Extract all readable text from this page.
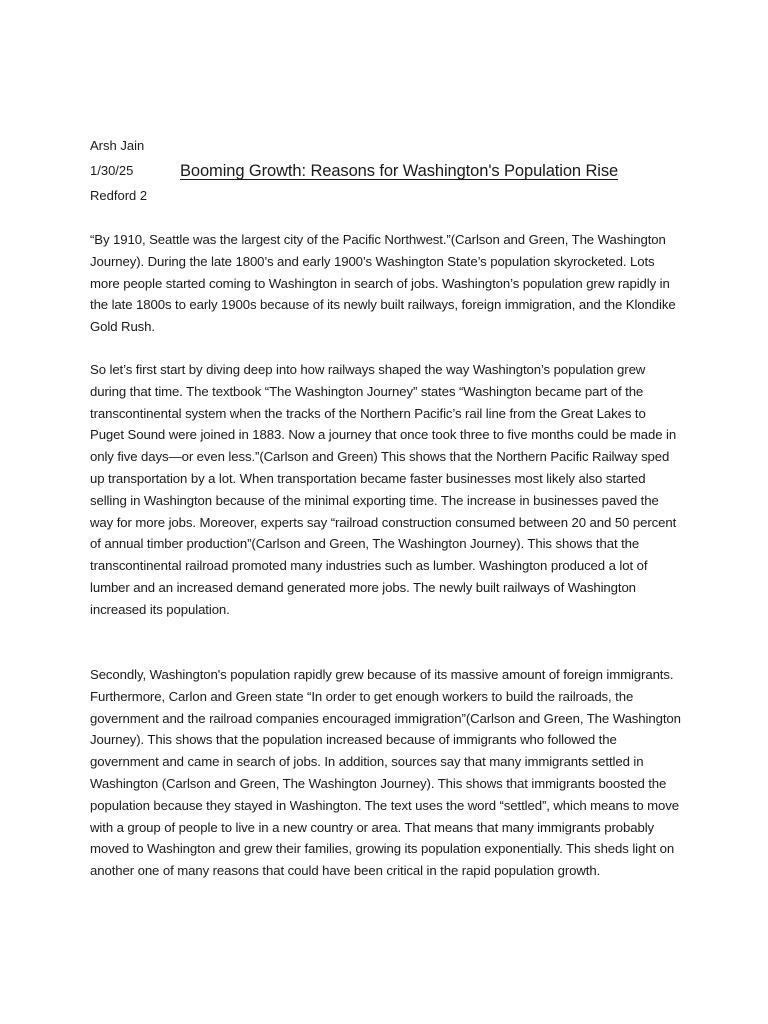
Arsh Jain
1/30/25	Booming Growth: Reasons for Washington's Population Rise
Redford 2

“By 1910, Seattle was the largest city of the Pacific Northwest.”(Carlson and Green, The Washington Journey). During the late 1800’s and early 1900’s Washington State’s population skyrocketed. Lots more people started coming to Washington in search of jobs. Washington’s population grew rapidly in the late 1800s to early 1900s because of its newly built railways, foreign immigration, and the Klondike Gold Rush.

So let’s first start by diving deep into how railways shaped the way Washington’s population grew during that time. The textbook “The Washington Journey” states “Washington became part of the transcontinental system when the tracks of the Northern Pacific’s rail line from the Great Lakes to Puget Sound were joined in 1883. Now a journey that once took three to five months could be made in only five days—or even less.”(Carlson and Green) This shows that the Northern Pacific Railway sped up transportation by a lot. When transportation became faster businesses most likely also started selling in Washington because of the minimal exporting time. The increase in businesses paved the way for more jobs. Moreover, experts say “railroad construction consumed between 20 and 50 percent of annual timber production”(Carlson and Green, The Washington Journey). This shows that the transcontinental railroad promoted many industries such as lumber. Washington produced a lot of lumber and an increased demand generated more jobs. The newly built railways of Washington increased its population.

Secondly, Washington's population rapidly grew because of its massive amount of foreign immigrants. Furthermore, Carlon and Green state “In order to get enough workers to build the railroads, the government and the railroad companies encouraged immigration”(Carlson and Green, The Washington Journey). This shows that the population increased because of immigrants who followed the government and came in search of jobs. In addition, sources say that many immigrants settled in Washington (Carlson and Green, The Washington Journey). This shows that immigrants boosted the population because they stayed in Washington. The text uses the word “settled”, which means to move with a group of people to live in a new country or area. That means that many immigrants probably moved to Washington and grew their families, growing its population exponentially. This sheds light on another one of many reasons that could have been critical in the rapid population growth.
